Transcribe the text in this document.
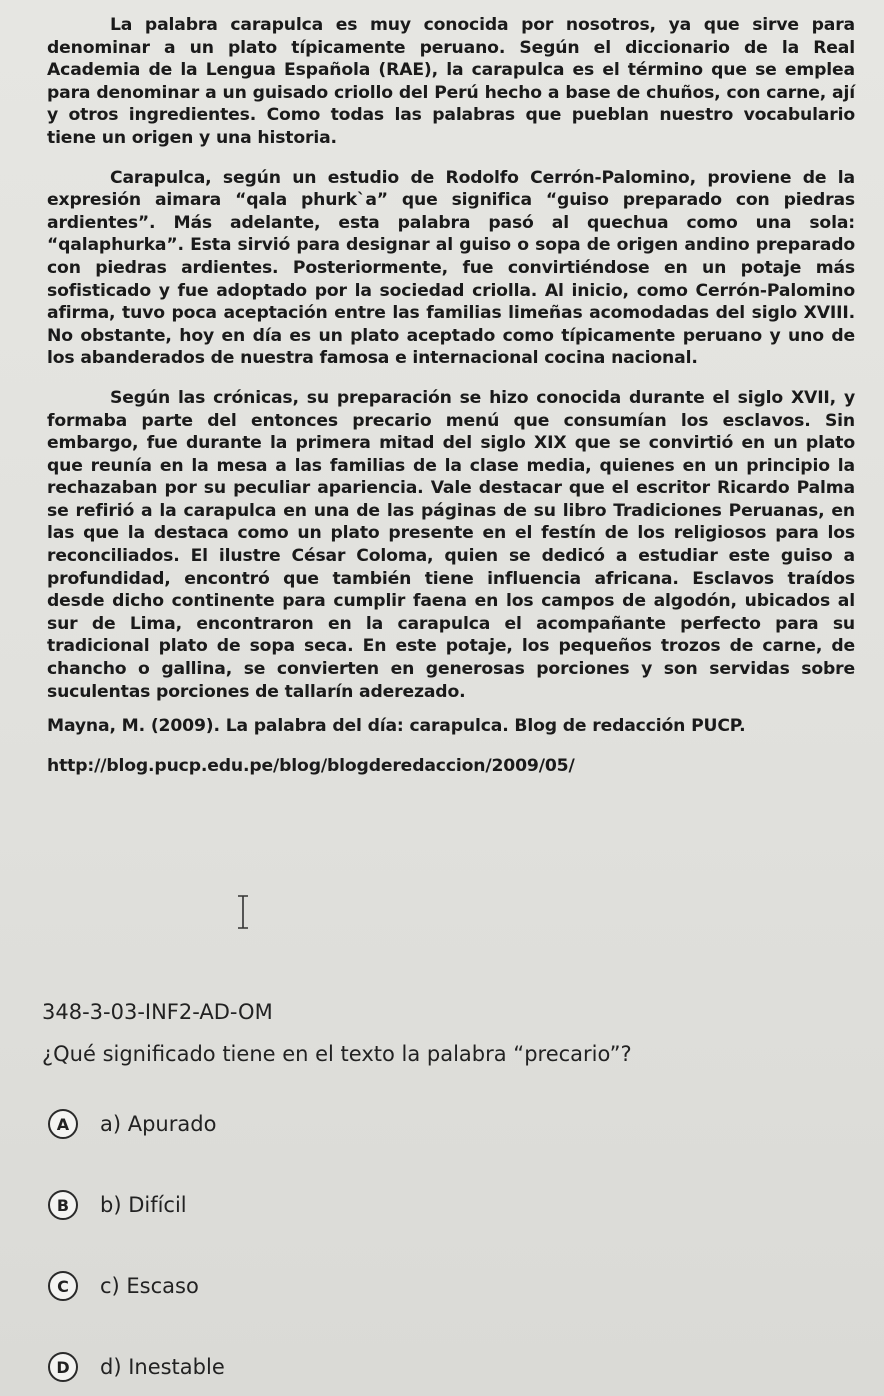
La palabra carapulca es muy conocida por nosotros, ya que sirve para denominar a un plato típicamente peruano. Según el diccionario de la Real Academia de la Lengua Española (RAE), la carapulca es el término que se emplea para denominar a un guisado criollo del Perú hecho a base de chuños, con carne, ají y otros ingredientes. Como todas las palabras que pueblan nuestro vocabulario tiene un origen y una historia.

Carapulca, según un estudio de Rodolfo Cerrón-Palomino, proviene de la expresión aimara “qala phurk`a” que significa “guiso preparado con piedras ardientes”. Más adelante, esta palabra pasó al quechua como una sola: “qalaphurka”. Esta sirvió para designar al guiso o sopa de origen andino preparado con piedras ardientes. Posteriormente, fue convirtiéndose en un potaje más sofisticado y fue adoptado por la sociedad criolla. Al inicio, como Cerrón-Palomino afirma, tuvo poca aceptación entre las familias limeñas acomodadas del siglo XVIII. No obstante, hoy en día es un plato aceptado como típicamente peruano y uno de los abanderados de nuestra famosa e internacional cocina nacional.

Según las crónicas, su preparación se hizo conocida durante el siglo XVII, y formaba parte del entonces precario menú que consumían los esclavos. Sin embargo, fue durante la primera mitad del siglo XIX que se convirtió en un plato que reunía en la mesa a las familias de la clase media, quienes en un principio la rechazaban por su peculiar apariencia. Vale destacar que el escritor Ricardo Palma se refirió a la carapulca en una de las páginas de su libro Tradiciones Peruanas, en las que la destaca como un plato presente en el festín de los religiosos para los reconciliados. El ilustre César Coloma, quien se dedicó a estudiar este guiso a profundidad, encontró que también tiene influencia africana. Esclavos traídos desde dicho continente para cumplir faena en los campos de algodón, ubicados al sur de Lima, encontraron en la carapulca el acompañante perfecto para su tradicional plato de sopa seca. En este potaje, los pequeños trozos de carne, de chancho o gallina, se convierten en generosas porciones y son servidas sobre suculentas porciones de tallarín aderezado.

Mayna, M. (2009). La palabra del día: carapulca. Blog de redacción PUCP.

http://blog.pucp.edu.pe/blog/blogderedaccion/2009/05/

348-3-03-INF2-AD-OM
¿Qué significado tiene en el texto la palabra “precario”?
A	a) Apurado
B	b) Difícil
C	c) Escaso
D	d) Inestable
